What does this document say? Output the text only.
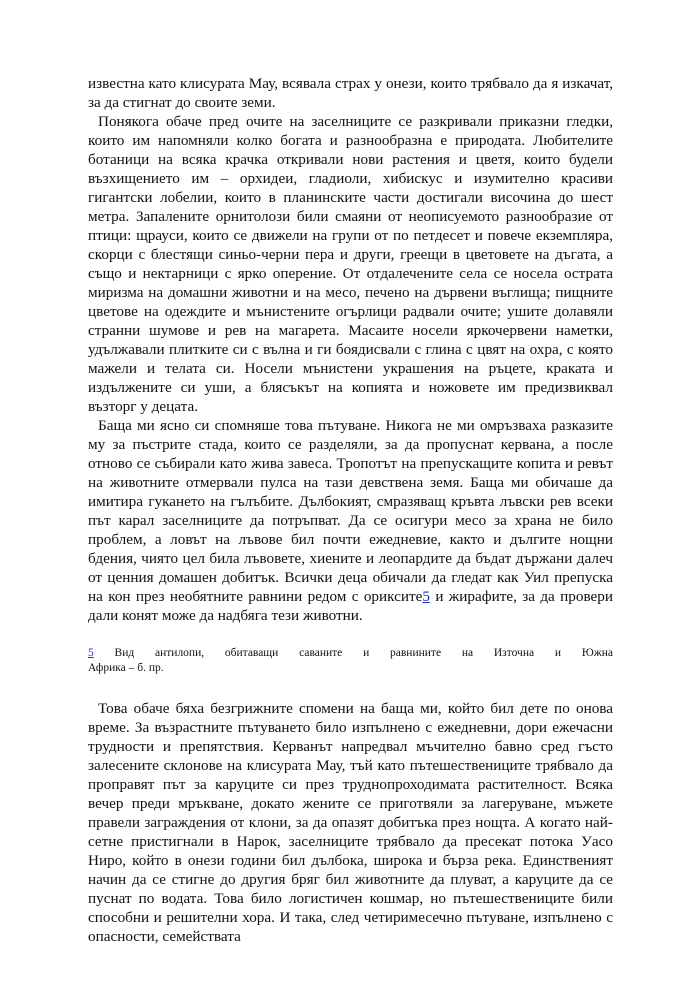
известна като клисурата Мау, всявала страх у онези, които трябвало да я изкачат, за да стигнат до своите земи.

Понякога обаче пред очите на заселниците се разкривали приказни гледки, които им напомняли колко богата и разнообразна е природата. Любителите ботаници на всяка крачка откривали нови растения и цветя, които будели възхищението им – орхидеи, гладиоли, хибискус и изумително красиви гигантски лобелии, които в планинските части достигали височина до шест метра. Запалените орнитолози били смаяни от неописуемото разнообразие от птици: щрауси, които се движели на групи от по петдесет и повече екземпляра, скорци с блестящи синьо-черни пера и други, греещи в цветовете на дъгата, а също и нектарници с ярко оперение. От отдалечените села се носела острата миризма на домашни животни и на месо, печено на дървени въглища; пищните цветове на одеждите и мънистените огърлици радвали очите; ушите долавяли странни шумове и рев на магарета. Масаите носели яркочервени наметки, удължавали плитките си с вълна и ги боядисвали с глина с цвят на охра, с която мажели и телата си. Носели мънистени украшения на ръцете, краката и издължените си уши, а блясъкът на копията и ножовете им предизвиквал възторг у децата.

Баща ми ясно си спомняше това пътуване. Никога не ми омръзваха разказите му за пъстрите стада, които се разделяли, за да пропуснат кервана, а после отново се събирали като жива завеса. Тропотът на препускащите копита и ревът на животните отмервали пулса на тази девствена земя. Баща ми обичаше да имитира гукането на гълъбите. Дълбокият, смразяващ кръвта лъвски рев всеки път карал заселниците да потръпват. Да се осигури месо за храна не било проблем, а ловът на лъвове бил почти ежедневие, както и дългите нощни бдения, чиято цел била лъвовете, хиените и леопардите да бъдат държани далеч от ценния домашен добитък. Всички деца обичали да гледат как Уил препуска на кон през необятните равнини редом с ориксите5 и жирафите, за да провери дали конят може да надбяга тези животни.

5 Вид антилопи, обитаващи саваните и равнините на Източна и Южна
Африка – б. пр.

Това обаче бяха безгрижните спомени на баща ми, който бил дете по онова време. За възрастните пътуването било изпълнено с ежедневни, дори ежечасни трудности и препятствия. Керванът напредвал мъчително бавно сред гъсто залесените склонове на клисурата Мау, тъй като пътешествениците трябвало да проправят път за каруците си през труднопроходимата растителност. Всяка вечер преди мръкване, докато жените се приготвяли за лагеруване, мъжете правели заграждения от клони, за да опазят добитъка през нощта. А когато най-сетне пристигнали в Нарок, заселниците трябвало да пресекат потока Уасо Ниро, който в онези години бил дълбока, широка и бърза река. Единственият начин да се стигне до другия бряг бил животните да плуват, а каруците да се пуснат по водата. Това било логистичен кошмар, но пътешествениците били способни и решителни хора. И така, след четиримесечно пътуване, изпълнено с опасности, семействата
